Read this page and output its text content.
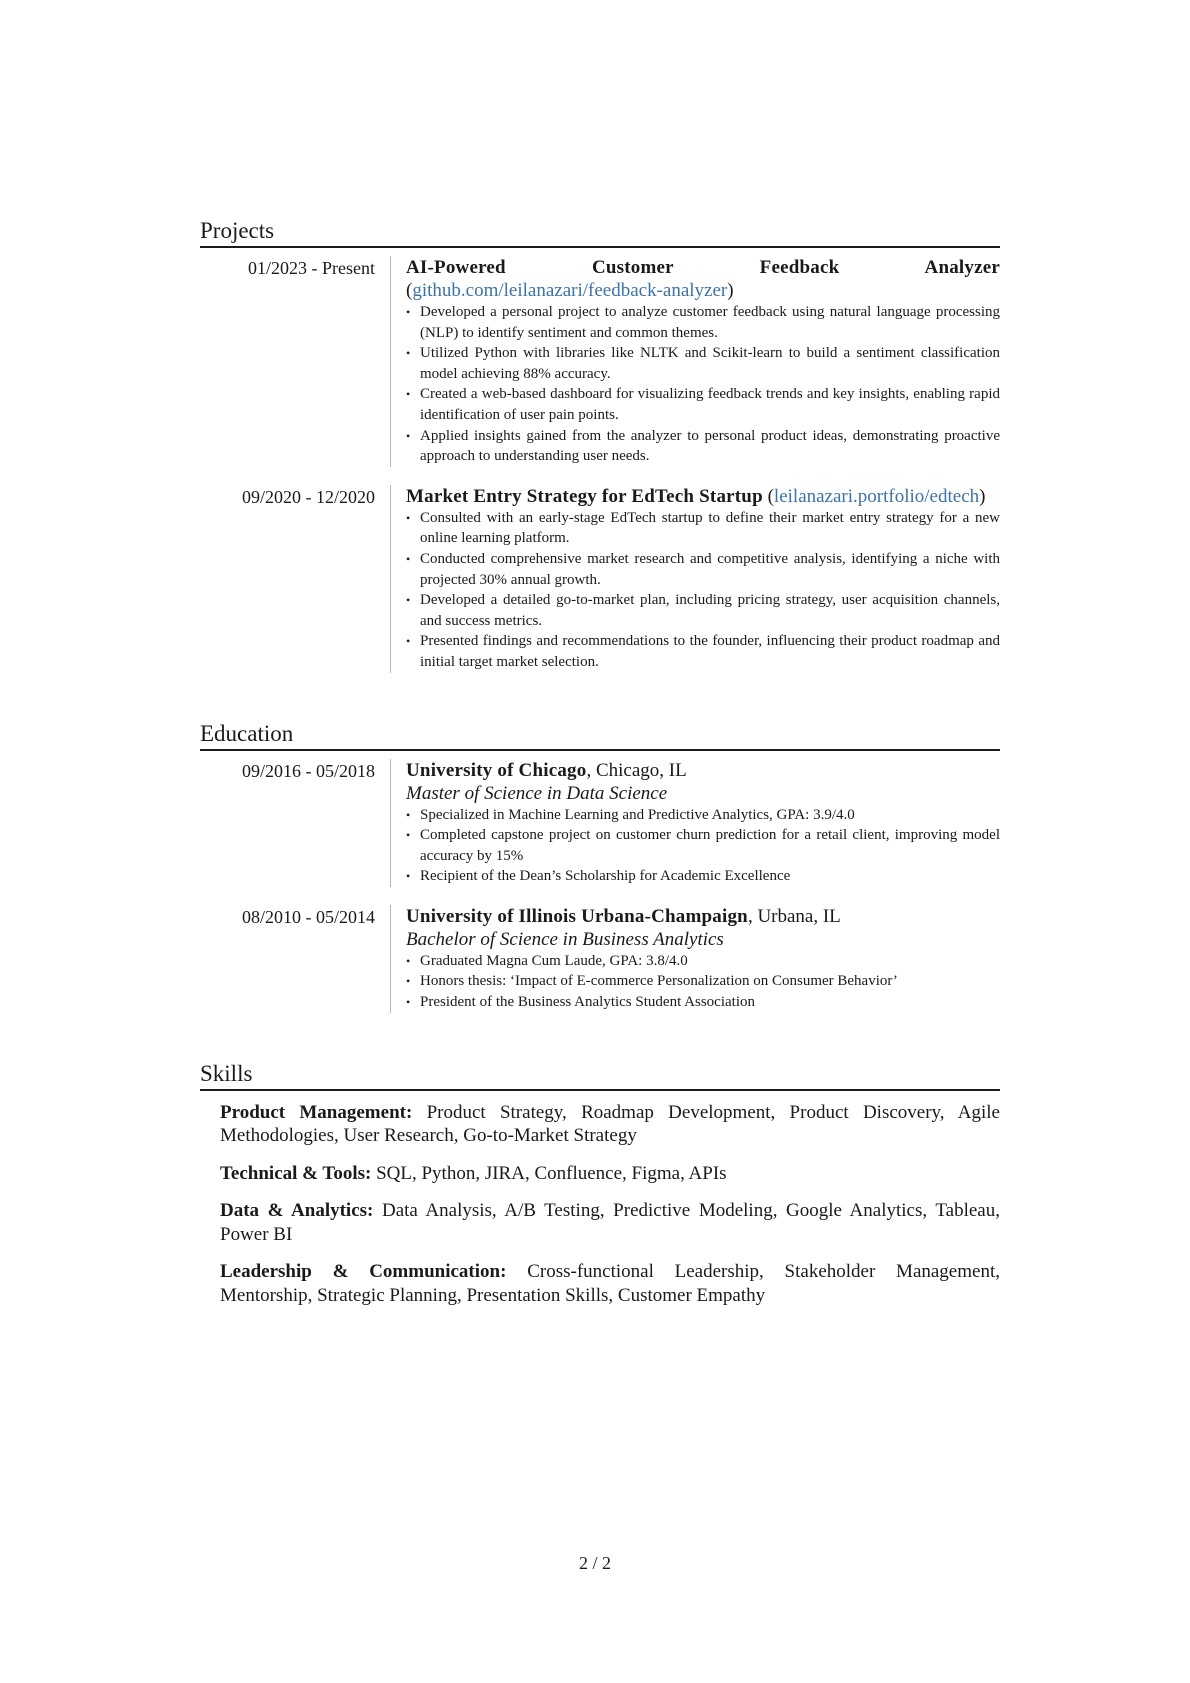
Projects
01/2023 - Present	AI-Powered Customer Feedback Analyzer (github.com/leilanazari/feedback-analyzer)
• Developed a personal project to analyze customer feedback using natural language processing (NLP) to identify sentiment and common themes.
• Utilized Python with libraries like NLTK and Scikit-learn to build a sentiment classification model achieving 88% accuracy.
• Created a web-based dashboard for visualizing feedback trends and key insights, enabling rapid identification of user pain points.
• Applied insights gained from the analyzer to personal product ideas, demonstrating proactive approach to understanding user needs.
09/2020 - 12/2020	Market Entry Strategy for EdTech Startup (leilanazari.portfolio/edtech)
• Consulted with an early-stage EdTech startup to define their market entry strategy for a new online learning platform.
• Conducted comprehensive market research and competitive analysis, identifying a niche with projected 30% annual growth.
• Developed a detailed go-to-market plan, including pricing strategy, user acquisition channels, and success metrics.
• Presented findings and recommendations to the founder, influencing their product roadmap and initial target market selection.
Education
09/2016 - 05/2018	University of Chicago, Chicago, IL
Master of Science in Data Science
• Specialized in Machine Learning and Predictive Analytics, GPA: 3.9/4.0
• Completed capstone project on customer churn prediction for a retail client, improving model accuracy by 15%
• Recipient of the Dean’s Scholarship for Academic Excellence
08/2010 - 05/2014	University of Illinois Urbana-Champaign, Urbana, IL
Bachelor of Science in Business Analytics
• Graduated Magna Cum Laude, GPA: 3.8/4.0
• Honors thesis: ‘Impact of E-commerce Personalization on Consumer Behavior’
• President of the Business Analytics Student Association
Skills
Product Management: Product Strategy, Roadmap Development, Product Discovery, Agile Methodologies, User Research, Go-to-Market Strategy
Technical & Tools: SQL, Python, JIRA, Confluence, Figma, APIs
Data & Analytics: Data Analysis, A/B Testing, Predictive Modeling, Google Analytics, Tableau, Power BI
Leadership & Communication: Cross-functional Leadership, Stakeholder Management, Mentorship, Strategic Planning, Presentation Skills, Customer Empathy
2 / 2
